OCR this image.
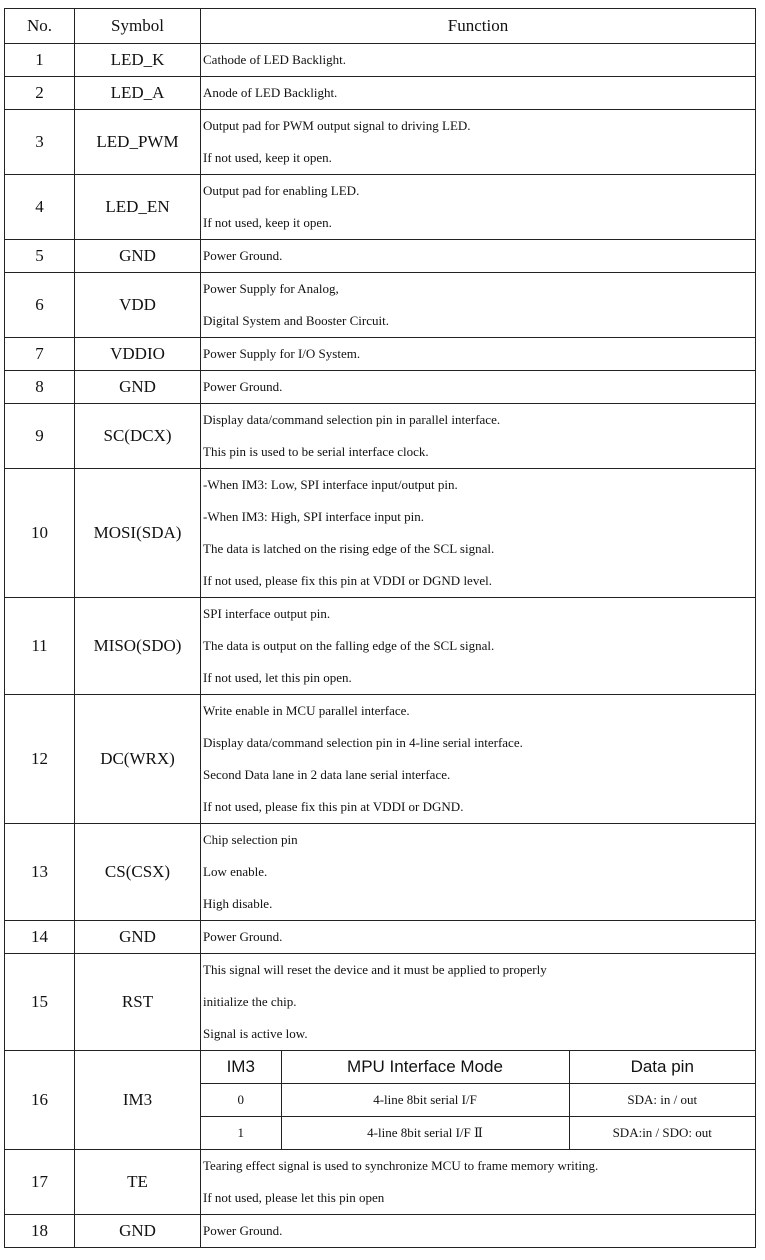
No.	Symbol	Function
1	LED_K	Cathode of LED Backlight.

2	LED_A	Anode of LED Backlight.

3	LED_PWM	
Output pad for PWM output signal to driving LED.
If not used, keep it open.

4	LED_EN	
Output pad for enabling LED.
If not used, keep it open.

5	GND	Power Ground.

6	VDD	
Power Supply for Analog,
Digital System and Booster Circuit.

7	VDDIO	Power Supply for I/O System.

8	GND	Power Ground.

9	SC(DCX)	
Display data/command selection pin in parallel interface.
This pin is used to be serial interface clock.

10	MOSI(SDA)	
-When IM3: Low, SPI interface input/output pin.
-When IM3: High, SPI interface input pin.
The data is latched on the rising edge of the SCL signal.
If not used, please fix this pin at VDDI or DGND level.

11	MISO(SDO)	
SPI interface output pin.
The data is output on the falling edge of the SCL signal.
If not used, let this pin open.

12	DC(WRX)	
Write enable in MCU parallel interface.
Display data/command selection pin in 4-line serial interface.
Second Data lane in 2 data lane serial interface.
If not used, please fix this pin at VDDI or DGND.

13	CS(CSX)	
Chip selection pin
Low enable.
High disable.

14	GND	Power Ground.

15	RST	
This signal will reset the device and it must be applied to properly
initialize the chip.
Signal is active low.

16	IM3	
IM3	MPU Interface Mode	Data pin
0	4-line 8bit serial I/F	SDA: in / out
1	4-line 8bit serial I/F Ⅱ	SDA:in / SDO: out

17	TE	
Tearing effect signal is used to synchronize MCU to frame memory writing.
If not used, please let this pin open

18	GND	Power Ground.
